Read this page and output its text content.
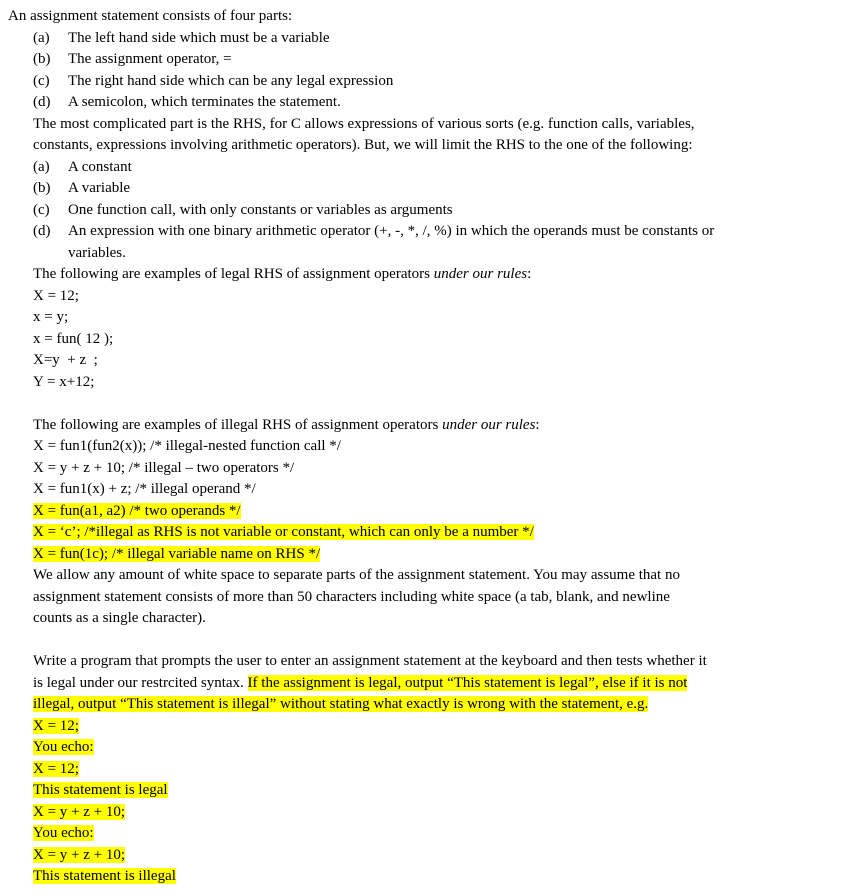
An assignment statement consists of four parts:
(a) The left hand side which must be a variable
(b) The assignment operator, =
(c) The right hand side which can be any legal expression
(d) A semicolon, which terminates the statement.
The most complicated part is the RHS, for C allows expressions of various sorts (e.g. function calls, variables,
constants, expressions involving arithmetic operators). But, we will limit the RHS to the one of the following:
(a) A constant
(b) A variable
(c) One function call, with only constants or variables as arguments
(d) An expression with one binary arithmetic operator (+, -, *, /, %) in which the operands must be constants or
variables.
The following are examples of legal RHS of assignment operators under our rules:
X = 12;
x = y;
x = fun( 12 );
X=y  + z  ;
Y = x+12;
The following are examples of illegal RHS of assignment operators under our rules:
X = fun1(fun2(x)); /* illegal-nested function call */
X = y + z + 10; /* illegal – two operators */
X = fun1(x) + z; /* illegal operand */
X = fun(a1, a2) /* two operands */
X = ‘c’; /*illegal as RHS is not variable or constant, which can only be a number */
X = fun(1c); /* illegal variable name on RHS */
We allow any amount of white space to separate parts of the assignment statement. You may assume that no
assignment statement consists of more than 50 characters including white space (a tab, blank, and newline
counts as a single character).
Write a program that prompts the user to enter an assignment statement at the keyboard and then tests whether it
is legal under our restrcited syntax. If the assignment is legal, output “This statement is legal”, else if it is not
illegal, output “This statement is illegal” without stating what exactly is wrong with the statement, e.g.
X = 12;
You echo:
X = 12;
This statement is legal
X = y + z + 10;
You echo:
X = y + z + 10;
This statement is illegal
